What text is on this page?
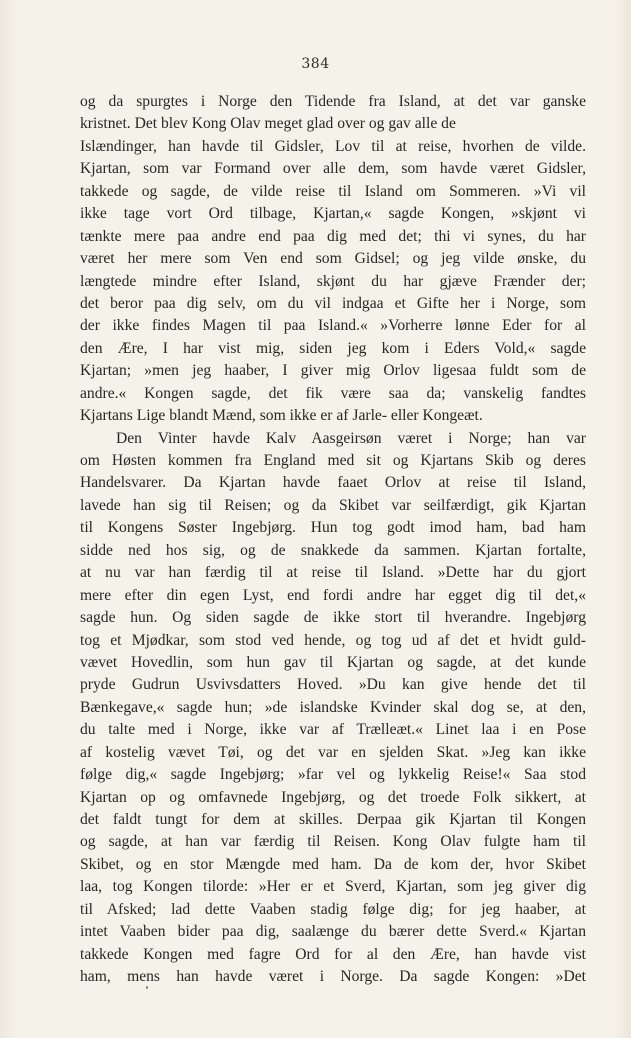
384
og da spurgtes i Norge den Tidende fra Island, at det var ganske
kristnet. Det blev Kong Olav meget glad over og gav alle de
Islændinger, han havde til Gidsler, Lov til at reise, hvorhen de vilde.
Kjartan, som var Formand over alle dem, som havde været Gidsler,
takkede og sagde, de vilde reise til Island om Sommeren. »Vi vil
ikke tage vort Ord tilbage, Kjartan,« sagde Kongen, »skjønt vi
tænkte mere paa andre end paa dig med det; thi vi synes, du har
været her mere som Ven end som Gidsel; og jeg vilde ønske, du
længtede mindre efter Island, skjønt du har gjæve Frænder der;
det beror paa dig selv, om du vil indgaa et Gifte her i Norge, som
der ikke findes Magen til paa Island.« »Vorherre lønne Eder for al
den Ære, I har vist mig, siden jeg kom i Eders Vold,« sagde
Kjartan; »men jeg haaber, I giver mig Orlov ligesaa fuldt som de
andre.« Kongen sagde, det fik være saa da; vanskelig fandtes
Kjartans Lige blandt Mænd, som ikke er af Jarle- eller Kongeæt.
Den Vinter havde Kalv Aasgeirsøn været i Norge; han var
om Høsten kommen fra England med sit og Kjartans Skib og deres
Handelsvarer. Da Kjartan havde faaet Orlov at reise til Island,
lavede han sig til Reisen; og da Skibet var seilfærdigt, gik Kjartan
til Kongens Søster Ingebjørg. Hun tog godt imod ham, bad ham
sidde ned hos sig, og de snakkede da sammen. Kjartan fortalte,
at nu var han færdig til at reise til Island. »Dette har du gjort
mere efter din egen Lyst, end fordi andre har egget dig til det,«
sagde hun. Og siden sagde de ikke stort til hverandre. Ingebjørg
tog et Mjødkar, som stod ved hende, og tog ud af det et hvidt guld-
vævet Hovedlin, som hun gav til Kjartan og sagde, at det kunde
pryde Gudrun Usvivsdatters Hoved. »Du kan give hende det til
Bænkegave,« sagde hun; »de islandske Kvinder skal dog se, at den,
du talte med i Norge, ikke var af Trælleæt.« Linet laa i en Pose
af kostelig vævet Tøi, og det var en sjelden Skat. »Jeg kan ikke
følge dig,« sagde Ingebjørg; »far vel og lykkelig Reise!« Saa stod
Kjartan op og omfavnede Ingebjørg, og det troede Folk sikkert, at
det faldt tungt for dem at skilles. Derpaa gik Kjartan til Kongen
og sagde, at han var færdig til Reisen. Kong Olav fulgte ham til
Skibet, og en stor Mængde med ham. Da de kom der, hvor Skibet
laa, tog Kongen tilorde: »Her er et Sverd, Kjartan, som jeg giver dig
til Afsked; lad dette Vaaben stadig følge dig; for jeg haaber, at
intet Vaaben bider paa dig, saalænge du bærer dette Sverd.« Kjartan
takkede Kongen med fagre Ord for al den Ære, han havde vist
ham, mens han havde været i Norge. Da sagde Kongen: »Det
